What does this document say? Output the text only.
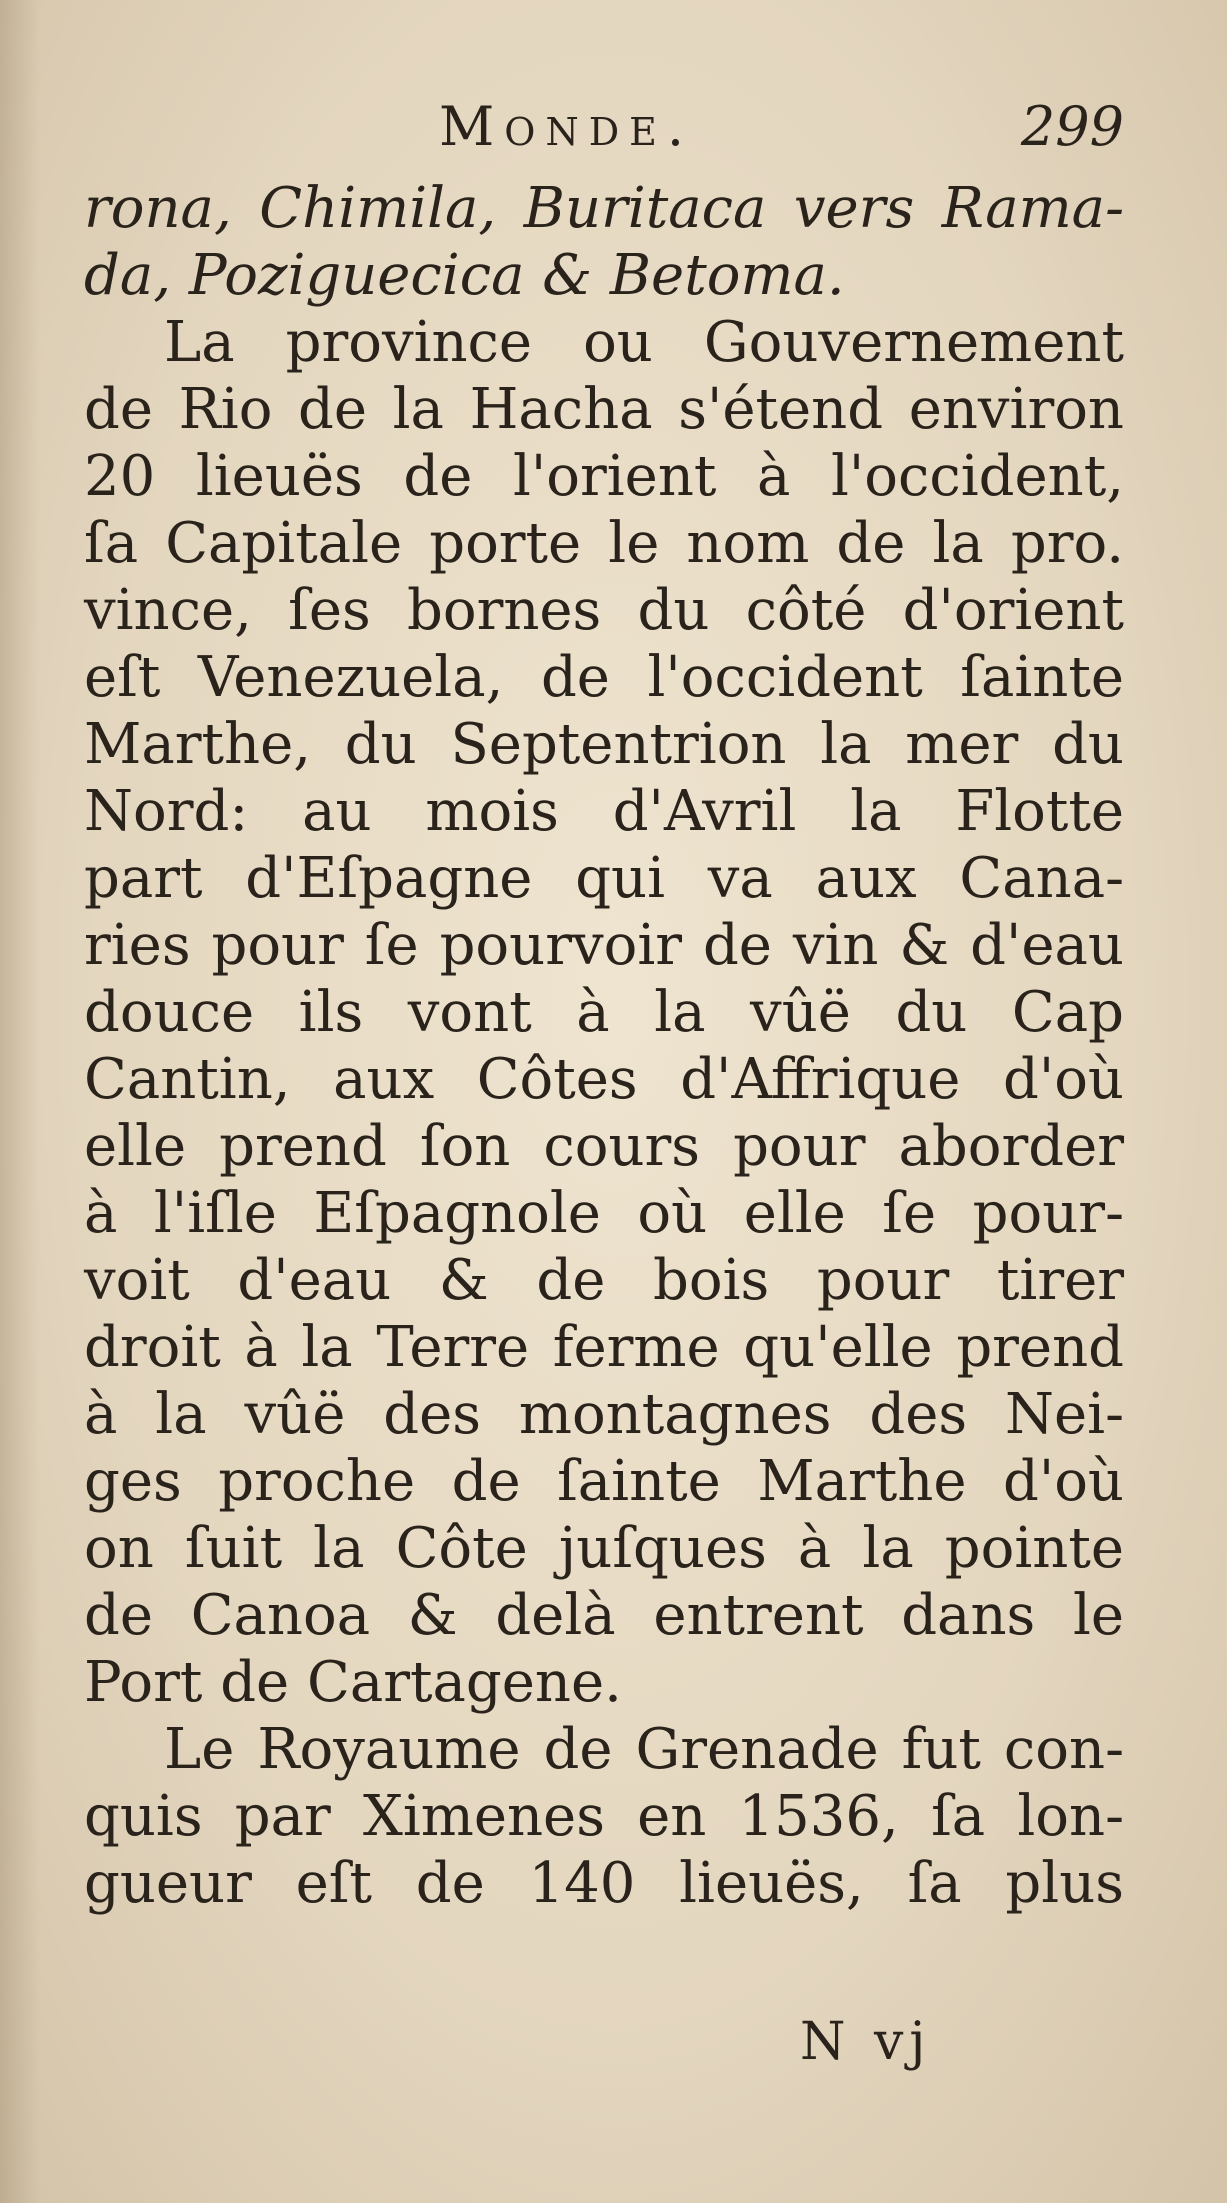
Monde.	299
rona, Chimila, Buritaca vers Rama-
da, Poziguecica & Betoma.
La province ou Gouvernement
de Rio de la Hacha s'étend environ
20 lieuës de l'orient à l'occident,
ſa Capitale porte le nom de la pro.
vince, ſes bornes du côté d'orient
eſt Venezuela, de l'occident ſainte
Marthe, du Septentrion la mer du
Nord: au mois d'Avril la Flotte
part d'Eſpagne qui va aux Cana-
ries pour ſe pourvoir de vin & d'eau
douce ils vont à la vûë du Cap
Cantin, aux Côtes d'Affrique d'où
elle prend ſon cours pour aborder
à l'iſle Eſpagnole où elle ſe pour-
voit d'eau & de bois pour tirer
droit à la Terre ferme qu'elle prend
à la vûë des montagnes des Nei-
ges proche de ſainte Marthe d'où
on ſuit la Côte juſques à la pointe
de Canoa & delà entrent dans le
Port de Cartagene.
Le Royaume de Grenade fut con-
quis par Ximenes en 1536, ſa lon-
gueur eſt de 140 lieuës, ſa plus
N vj
